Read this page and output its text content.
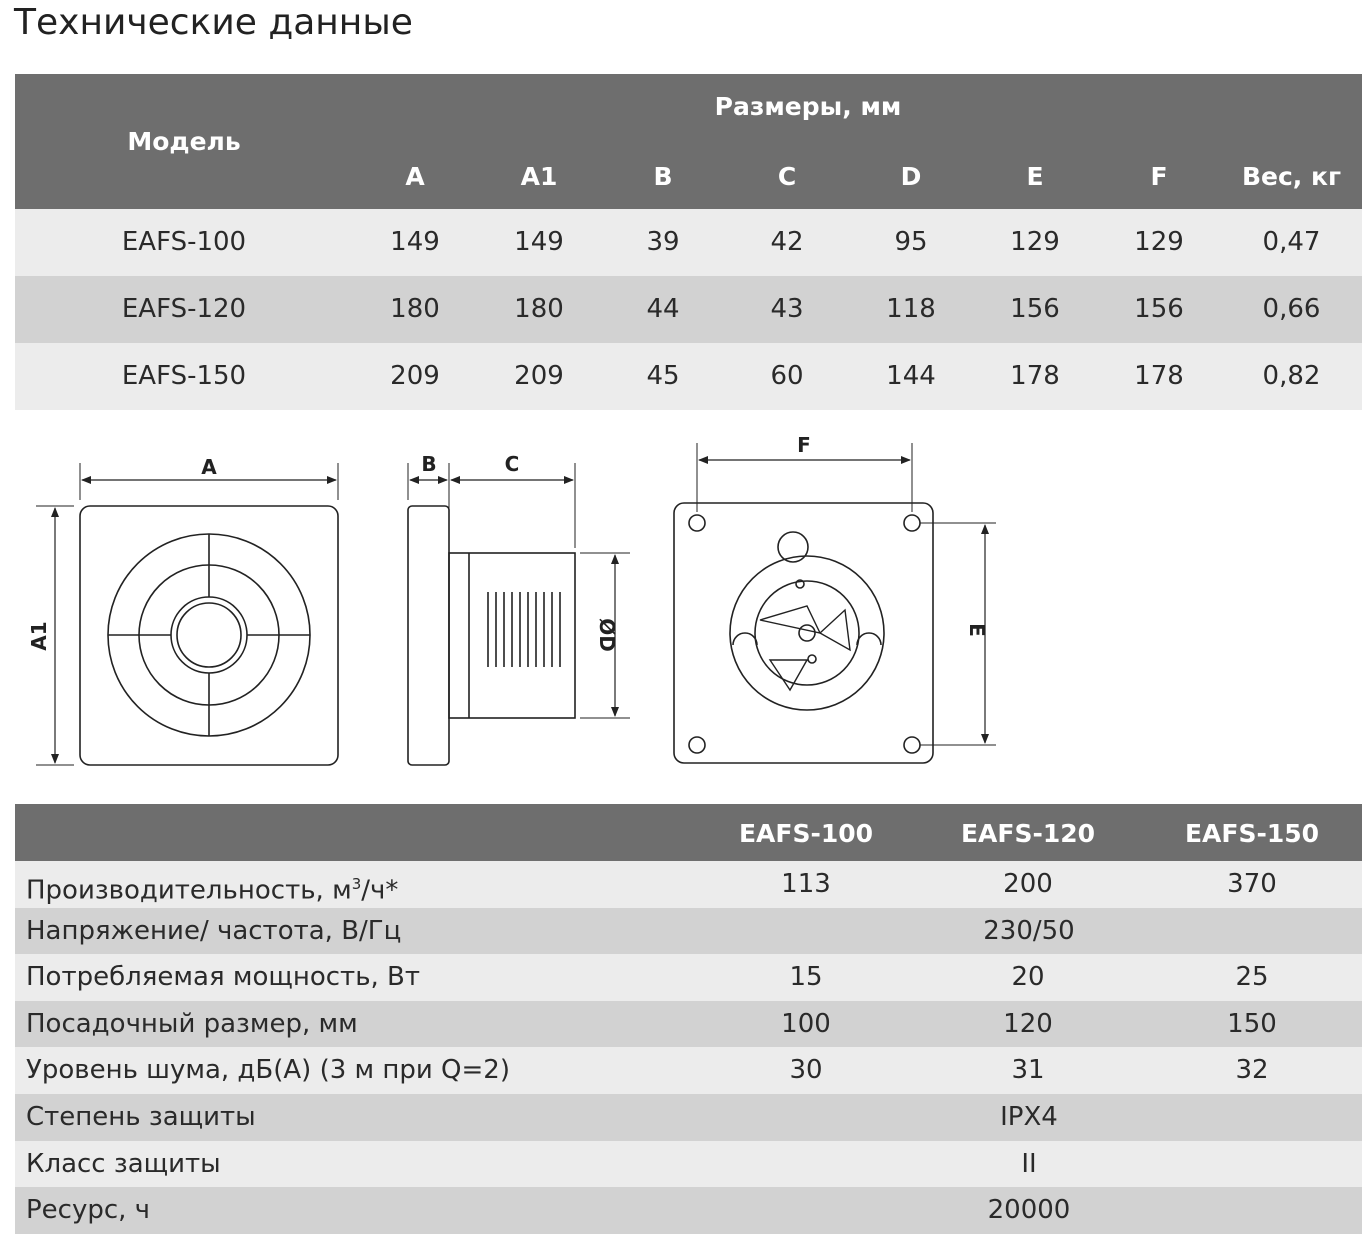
Технические данные
Модель
Размеры, мм
A	A1	B	C	D	E	F	Вес, кг
EAFS-100	149	149	39	42	95	129	129	0,47
EAFS-120	180	180	44	43	118	156	156	0,66
EAFS-150	209	209	45	60	144	178	178	0,82
A
A1
B	C
ØD
F
E
EAFS-100	EAFS-120	EAFS-150
Производительность, $м^3/ч*$	113	200	370
Напряжение/ частота, В/Гц	230/50
Потребляемая мощность, Вт	15	20	25
Посадочный размер, мм	100	120	150
Уровень шума, дБ(А) (3 м при Q=2)	30	31	32
Степень защиты	IPX4
Класс защиты	II
Ресурс, ч	20000
